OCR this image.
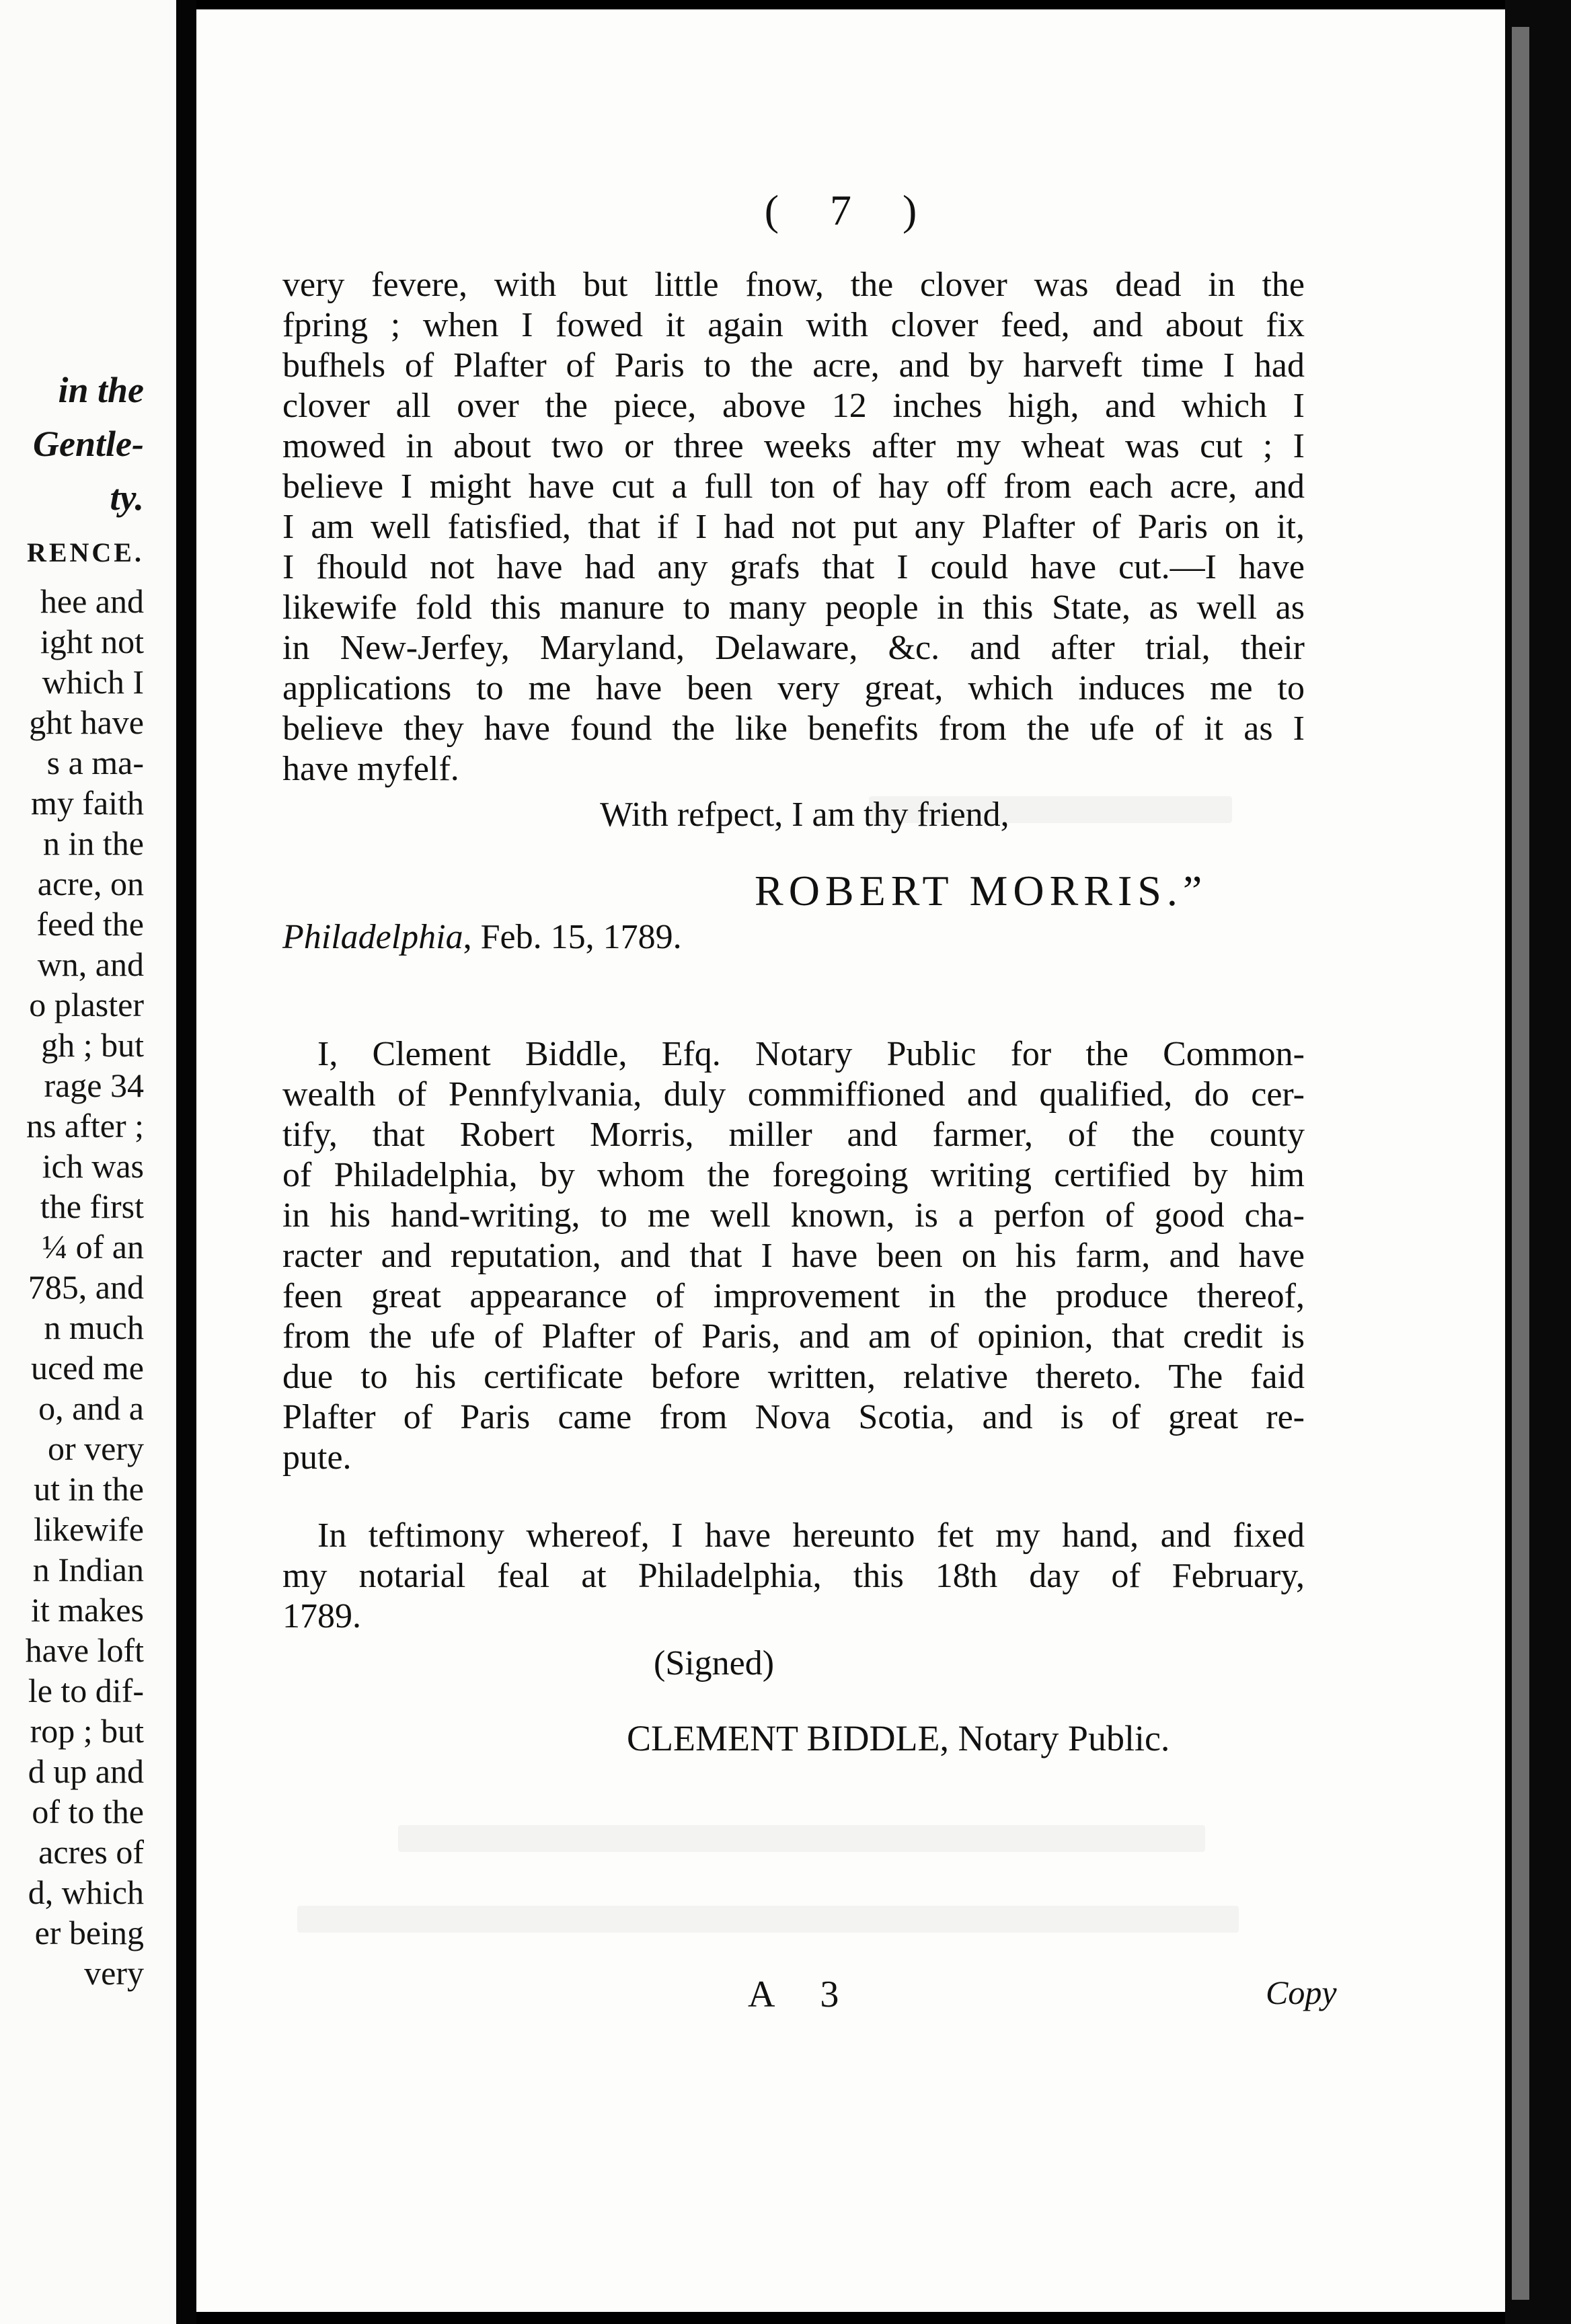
in the
Gentle-
ty.
RENCE.
hee and
ight not
which I
ght have
s a ma-
my faith
n in the
acre, on
feed the
wn, and
o plaster
gh ; but
rage 34
ns after ;
ich was
the first
¼ of an
785, and
n much
uced me
o, and a
or very
ut in the
likewife
n Indian
it makes
have loft
le to dif-
rop ; but
d up and
of to the
acres of
d, which
er being
very
( 7 )
very fevere, with but little fnow, the clover was dead in the
fpring ; when I fowed it again with clover feed, and about fix
bufhels of Plafter of Paris to the acre, and by harveft time I had
clover all over the piece, above 12 inches high, and which I
mowed in about two or three weeks after my wheat was cut ; I
believe I might have cut a full ton of hay off from each acre, and
I am well fatisfied, that if I had not put any Plafter of Paris on it,
I fhould not have had any grafs that I could have cut.—I have
likewife fold this manure to many people in this State, as well as
in New-Jerfey, Maryland, Delaware, &c. and after trial, their
applications to me have been very great, which induces me to
believe they have found the like benefits from the ufe of it as I
have myfelf.
With refpect, I am thy friend,
ROBERT MORRIS.”
Philadelphia, Feb. 15, 1789.
I, Clement Biddle, Efq. Notary Public for the Common-
wealth of Pennfylvania, duly commiffioned and qualified, do cer-
tify, that Robert Morris, miller and farmer, of the county
of Philadelphia, by whom the foregoing writing certified by him
in his hand-writing, to me well known, is a perfon of good cha-
racter and reputation, and that I have been on his farm, and have
feen great appearance of improvement in the produce thereof,
from the ufe of Plafter of Paris, and am of opinion, that credit is
due to his certificate before written, relative thereto. The faid
Plafter of Paris came from Nova Scotia, and is of great re-
pute.
In teftimony whereof, I have hereunto fet my hand, and fixed
my notarial feal at Philadelphia, this 18th day of February,
1789.
(Signed)
CLEMENT BIDDLE, Notary Public.
A 3	Copy
